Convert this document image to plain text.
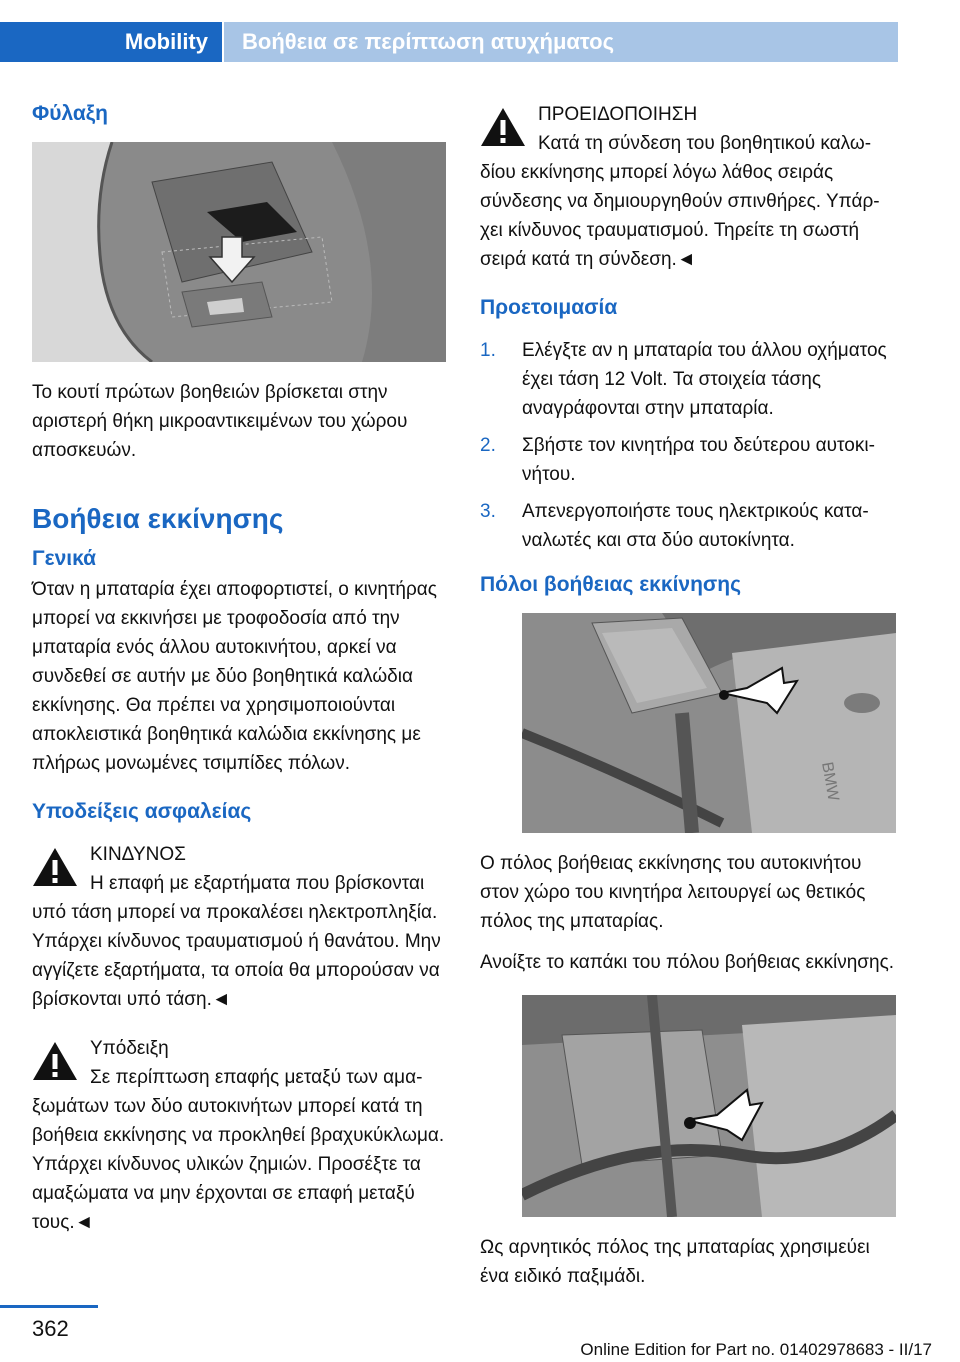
Mobility	Βοήθεια σε περίπτωση ατυχήματος
Φύλαξη

Το κουτί πρώτων βοηθειών βρίσκεται στην αριστερή θήκη μικροαντικειμένων του χώρου αποσκευών.

Βοήθεια εκκίνησης
Γενικά

Όταν η μπαταρία έχει αποφορτιστεί, ο κινητήρας μπορεί να εκκινήσει με τροφοδοσία από την μπαταρία ενός άλλου αυτοκινήτου, αρκεί να συνδεθεί σε αυτήν με δύο βοηθητικά καλώδια εκκίνησης. Θα πρέπει να χρησιμοποιούνται αποκλειστικά βοηθητικά καλώδια εκκίνησης με πλήρως μονωμένες τσιμπίδες πόλων.

Υποδείξεις ασφαλείας
ΚΙΝΔΥΝΟΣ
Η επαφή με εξαρτήματα που βρίσκονται υπό τάση μπορεί να προκαλέσει ηλεκτροπληξία. Υπάρχει κίνδυνος τραυματισμού ή θανάτου. Μην αγγίζετε εξαρτήματα, τα οποία θα μπορούσαν να βρίσκονται υπό τάση.◄
Υπόδειξη
Σε περίπτωση επαφής μεταξύ των αμαξωμάτων των δύο αυτοκινήτων μπορεί κατά τη βοήθεια εκκίνησης να προκληθεί βραχυκύκλωμα. Υπάρχει κίνδυνος υλικών ζημιών. Προσέξτε τα αμαξώματα να μην έρχονται σε επαφή μεταξύ τους.◄
ΠΡΟΕΙΔΟΠΟΙΗΣΗ
Κατά τη σύνδεση του βοηθητικού καλωδίου εκκίνησης μπορεί λόγω λάθος σειράς σύνδεσης να δημιουργηθούν σπινθήρες. Υπάρχει κίνδυνος τραυματισμού. Τηρείτε τη σωστή σειρά κατά τη σύνδεση.◄
Προετοιμασία
1. Ελέγξτε αν η μπαταρία του άλλου οχήματος έχει τάση 12 Volt. Τα στοιχεία τάσης αναγράφονται στην μπαταρία.
2. Σβήστε τον κινητήρα του δεύτερου αυτοκινήτου.
3. Απενεργοποιήστε τους ηλεκτρικούς καταναλωτές και στα δύο αυτοκίνητα.
Πόλοι βοήθειας εκκίνησης
BMW

Ο πόλος βοήθειας εκκίνησης του αυτοκινήτου στον χώρο του κινητήρα λειτουργεί ως θετικός πόλος της μπαταρίας.

Ανοίξτε το καπάκι του πόλου βοήθειας εκκίνησης.

Ως αρνητικός πόλος της μπαταρίας χρησιμεύει ένα ειδικό παξιμάδι.

362
Online Edition for Part no. 01402978683 - II/17
